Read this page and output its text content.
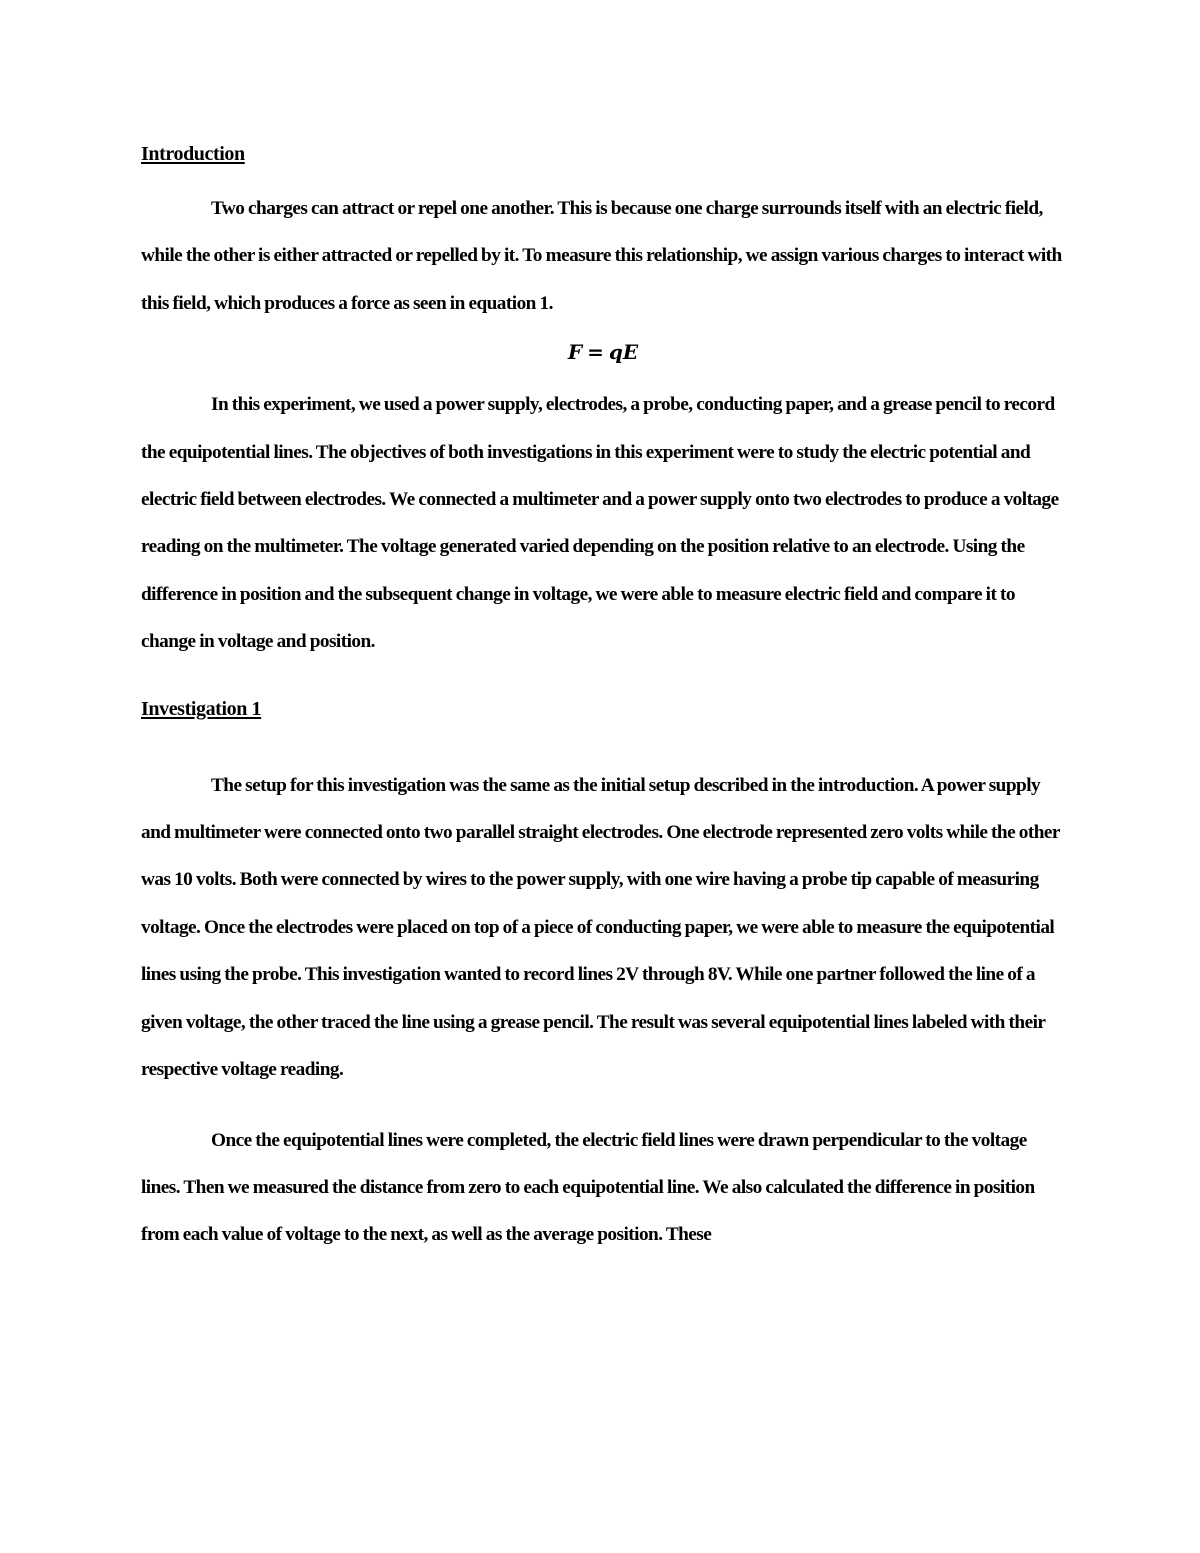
Introduction

Two charges can attract or repel one another. This is because one charge surrounds itself with an electric field, while the other is either attracted or repelled by it. To measure this relationship, we assign various charges to interact with this field, which produces a force as seen in equation 1.

F = qE

In this experiment, we used a power supply, electrodes, a probe, conducting paper, and a grease pencil to record the equipotential lines. The objectives of both investigations in this experiment were to study the electric potential and electric field between electrodes. We connected a multimeter and a power supply onto two electrodes to produce a voltage reading on the multimeter. The voltage generated varied depending on the position relative to an electrode. Using the difference in position and the subsequent change in voltage, we were able to measure electric field and compare it to change in voltage and position.

Investigation 1

The setup for this investigation was the same as the initial setup described in the introduction. A power supply and multimeter were connected onto two parallel straight electrodes. One electrode represented zero volts while the other was 10 volts. Both were connected by wires to the power supply, with one wire having a probe tip capable of measuring voltage. Once the electrodes were placed on top of a piece of conducting paper, we were able to measure the equipotential lines using the probe. This investigation wanted to record lines 2V through 8V. While one partner followed the line of a given voltage, the other traced the line using a grease pencil. The result was several equipotential lines labeled with their respective voltage reading.

Once the equipotential lines were completed, the electric field lines were drawn perpendicular to the voltage lines. Then we measured the distance from zero to each equipotential line. We also calculated the difference in position from each value of voltage to the next, as well as the average position. These
